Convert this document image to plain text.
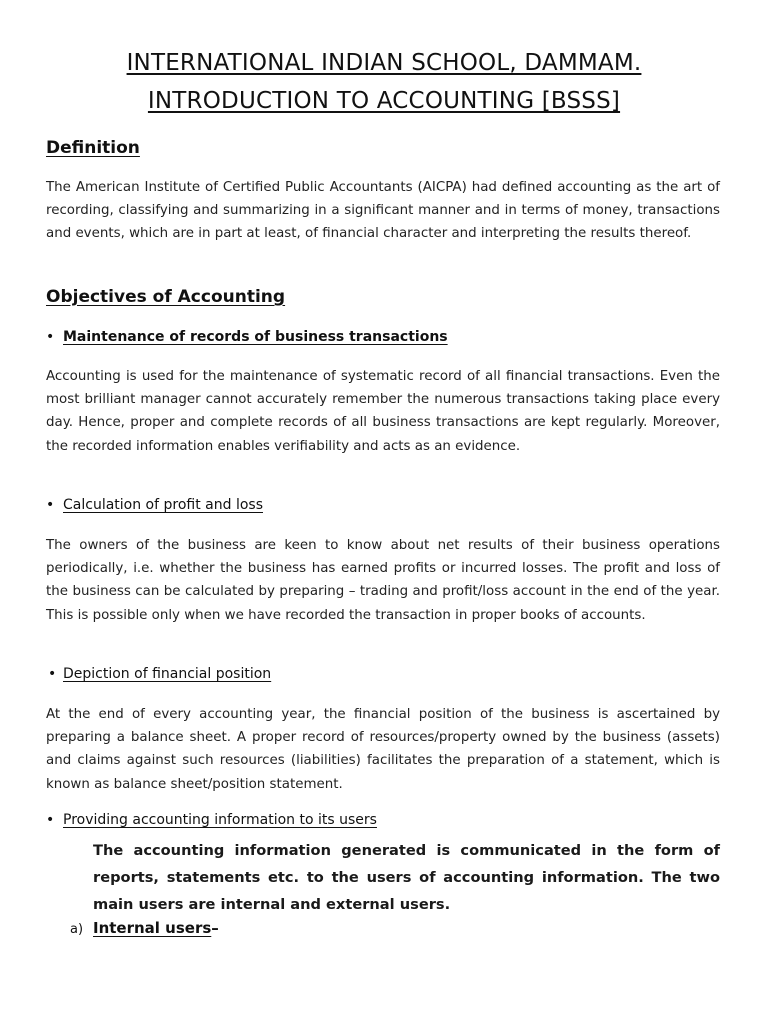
INTERNATIONAL INDIAN SCHOOL, DAMMAM.
INTRODUCTION TO ACCOUNTING [BSSS]
Definition
The American Institute of Certified Public Accountants (AICPA) had defined accounting as the art of recording, classifying and summarizing in a significant manner and in terms of money, transactions and events, which are in part at least, of financial character and interpreting the results thereof.
Objectives of Accounting
• Maintenance of records of business transactions
Accounting is used for the maintenance of systematic record of all financial transactions. Even the most brilliant manager cannot accurately remember the numerous transactions taking place every day. Hence, proper and complete records of all business transactions are kept regularly. Moreover, the recorded information enables verifiability and acts as an evidence.
• Calculation of profit and loss
The owners of the business are keen to know about net results of their business operations periodically, i.e. whether the business has earned profits or incurred losses. The profit and loss of the business can be calculated by preparing – trading and profit/loss account in the end of the year. This is possible only when we have recorded the transaction in proper books of accounts.
• Depiction of financial position
At the end of every accounting year, the financial position of the business is ascertained by preparing a balance sheet. A proper record of resources/property owned by the business (assets) and claims against such resources (liabilities) facilitates the preparation of a statement, which is known as balance sheet/position statement.
• Providing accounting information to its users
The accounting information generated is communicated in the form of reports, statements etc. to the users of accounting information. The two main users are internal and external users.
a) Internal users –
